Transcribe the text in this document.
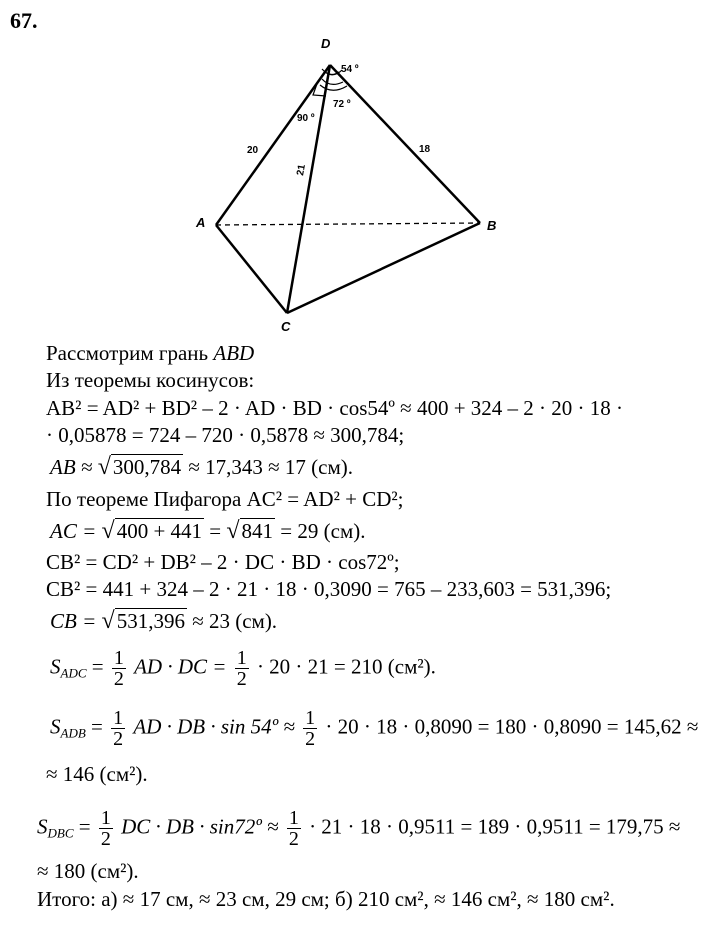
67.
D
A	B
C
20	18
21
54 º
90 º
72 º
Рассмотрим грань ABD
Из теоремы косинусов:
AB² = AD² + BD² – 2 · AD · BD · cos54º ≈ 400 + 324 – 2 · 20 · 18 ·
· 0,05878 = 724 – 720 · 0,5878 ≈ 300,784;
AB ≈ √300,784 ≈ 17,343 ≈ 17 (см).
По теореме Пифагора AC² = AD² + CD²;
AC = √400 + 441 = √841 = 29 (см).
CB² = CD² + DB² – 2 · DC · BD · cos72º;
CB² = 441 + 324 – 2 · 21 · 18 · 0,3090 = 765 – 233,603 = 531,396;
CB = √531,396 ≈ 23 (см).
$S_{ADC} = \frac{1}{2}$ AD · DC = $\frac{1}{2} \cdot 20 \cdot 21 = 210$ (см²).
$S_{ADB} = \frac{1}{2}$ AD · DB · sin 54º ≈ $\frac{1}{2} \cdot 20 \cdot 18 \cdot 0,8090 = 180 \cdot 0,8090 = 145,62$ ≈
≈ 146 (см²).
$S_{DBC} = \frac{1}{2}$ DC · DB · sin72º ≈ $\frac{1}{2} \cdot 21 \cdot 18 \cdot 0,9511 = 189 \cdot 0,9511 = 179,75$ ≈
≈ 180 (см²).
Итого: а) ≈ 17 см, ≈ 23 см, 29 см; б) 210 см², ≈ 146 см², ≈ 180 см².
